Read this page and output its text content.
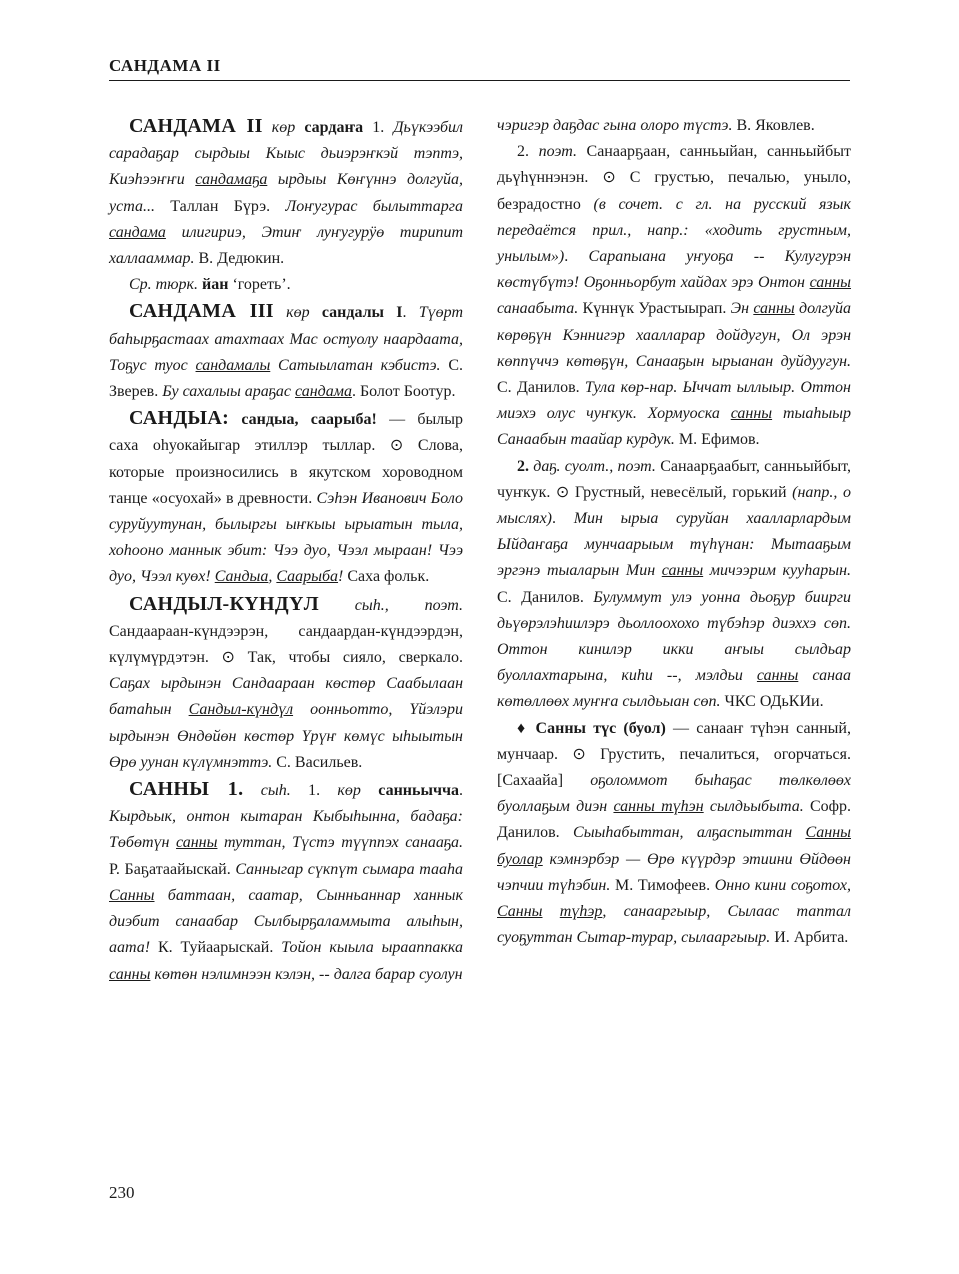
САНДАМА II

САНДАМА II көр сардаҥа 1. Дьүкээбил сарадаҕар сырдыы Кыыс дьиэрэҥкэй тэптэ, Киэһээҥҥи сандамаҕа ырдыы Көҥүннэ долгуйа, уста... Таллан Бүрэ. Лоҥугурас былыттарга сандама илигириэ, Этиҥ луҥугурӱө тирипит халлааммар. В. Дедюкин.

Ср. тюрк. йан ‘гореть’.

САНДАМА III көр сандалы I. Түөрт баһырҕастаах атахтаах Мас остуолу наардаата, Тоҕус туос сандамалы Сатыылатан кэбистэ. С. Зверев. Бу сахалыы араҕас сандама. Болот Боотур.

САНДЫА: сандыа, саарыба! — былыр саха оһуокайыгар этиллэр тыллар. ⊙ Слова, которые произносились в якутском хороводном танце «осуохай» в древности. Сэһэн Иванович Боло суруйуутунан, былыргы ыҥкыы ырыатын тыла, хоһооно маннык эбит: Чээ дуо, Чээл мыраан! Чээ дуо, Чээл куөх! Сандыа, Саарыба! Саха фольк.

САНДЫЛ-КҮНДҮЛ сыһ., поэт. Сандаараан-күндээрэн, сандаардан-күндээрдэн, күлүмүрдэтэн. ⊙ Так, чтобы сияло, сверкало. Саҕах ырдынэн Сандаараан көстөр Саабылаан батаһын Сандыл-күндүл оонньотто, Үйэлэри ырдынэн Өндөйөн көстөр Үрүҥ көмүс ыһыытын Өрө уунан күлүмнэттэ. С. Васильев.

САННЫ 1. сыһ. 1. көр санньычча. Кырдьык, онтон кытаран Кыбыһынна, бадаҕа: Төбөтүн санны туттан, Түстэ түүппэх санааҕа. Р. Баҕатаайыскай. Санныгар сүкпүт сымара тааһа Санны баттаан, саатар, Сынньаннар ханнык диэбит санаабар Сылбырҕаламмыта алыһын, аата! К. Туйаарыскай. Тойон кыыла ырааппакка санны көтөн нэлимнээн кэлэн, -- далга барар суолун

чэригэр даҕдас гына олоро түстэ. В. Яковлев.

2. поэт. Санаарҕаан, санньыйан, санньыйбыт дьүһүннэнэн. ⊙ С грустью, печалью, уныло, безрадостно (в сочет. с гл. на русский язык передаётся прил., напр.: «ходить грустным, унылым»). Сарапыана уҥуоҕа -- Кулугурэн көстүбүтэ! Оҕонньорбут хайдах эрэ Онтон санны санаабыта. Күннүк Урастыырап. Эн санны долгуйа көрөҕүн Кэннигэр хаалларар дойдугун, Ол эрэн көппүччэ көтөҕүн, Санааҕын ырыанан дуйдуугун. С. Данилов. Тула көр-нар. Ыччат ыллыыр. Оттон миэхэ олус чуҥкук. Хормуоска санны тыаһыыр Санаабын таайар курдук. М. Ефимов.

2. даҕ. суолт., поэт. Санаарҕаабыт, санньыйбыт, чуҥкук. ⊙ Грустный, невесёлый, горький (напр., о мыслях). Мин ырыа суруйан хаалларлардым Ыйдаҥаҕа мунчаарыым түһүнан: Мытааҕым эргэнэ тыаларын Мин санны мичээрим кууһарын. С. Данилов. Булуммут улэ уонна дьоҕур биирги дьүөрэлэһиилэрэ дьоллоохохо түбэһэр диэххэ сөп. Оттон кинилэр икки аҥыы сылдьар буоллахтарына, киһи --, мэлдьи санны санаа көтөллөөх муҥҥа сылдьыан сөп. ЧКС ОДьКИи.

♦ Санны түс (буол) — санааҥ түһэн санный, мунчаар. ⊙ Грустить, печалиться, огорчаться. [Сахаайа] оҕоломмот быһаҕас төлкөлөөх буоллаҕым диэн санны түһэн сылдьыбыта. Софр. Данилов. Сыыһабыттан, алҕаспыттан Санны буолар кэмнэрбэр — Өрө күүрдэр этиини Өйдөөн чэпчии түһэбин. М. Тимофеев. Онно кини соҕотох, Санны түһэр, санааргыыр, Сылаас таптал суоҕуттан Сытар-турар, сылааргыыр. И. Арбита.

230
